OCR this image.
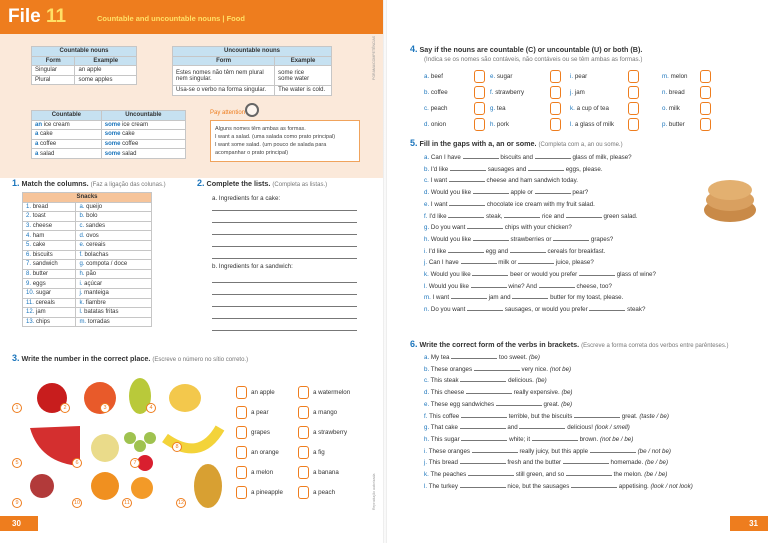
File 11	Countable and uncountable nouns | Food
PGRAMA/COMPETÊNCIAS
Reprodução autorizada
Countable nouns	
Form	Example
Singular	an apple
Plural	some apples
Uncountable nouns	
Form	Example
Estes nomes não têm nem plural
nem singular.	some rice
some water
Usa-se o verbo na forma singular.	The water is cold.
Countable	Uncountable
an ice cream	some ice cream
a cake	some cake
a coffee	some coffee
a salad	some salad
Pay attention
Alguns nomes têm ambas as formas.
I want a salad. (uma salada como prato principal)
I want some salad. (um pouco de salada para
acompanhar o prato principal)
1. Match the columns. (Faz a ligação das colunas.)
Snacks	
1. bread	a. queijo
2. toast	b. bolo
3. cheese	c. sandes
4. ham	d. ovos
5. cake	e. cereais
6. biscuits	f. bolachas
7. sandwich	g. compota / doce
8. butter	h. pão
9. eggs	i. açúcar
10. sugar	j. manteiga
11. cereals	k. fiambre
12. jam	l. batatas fritas
13. chips	m. torradas
2. Complete the lists. (Completa as listas.)
a. Ingredients for a cake:
b. Ingredients for a sandwich:
3. Write the number in the correct place. (Escreve o número no sítio correto.)
1	2	3	4
5	6	7
8
9	10	11	12
an apple
a pear
grapes
an orange
a melon
a pineapple
a watermelon
a mango
a strawberry
a fig
a banana
a peach
30	31
4. Say if the nouns are countable (C) or uncountable (U) or both (B).
(Indica se os nomes são contáveis, não contáveis ou se têm ambas as formas.)
a. beef	e. sugar	i. pear	m. melon
b. coffee	f. strawberry	j. jam	n. bread
c. peach	g. tea	k. a cup of tea	o. milk
d. onion	h. pork	l. a glass of milk	p. butter
5. Fill in the gaps with a, an or some. (Completa com a, an ou some.)
a. Can I have	biscuits and	glass of milk, please?
b. I'd like	sausages and	eggs, please.
c. I want	cheese and ham sandwich today.
d. Would you like	apple or	pear?
e. I want	chocolate ice cream with my fruit salad.
f. I'd like	steak,	rice and	green salad.
g. Do you want	chips with your chicken?
h. Would you like	strawberries or	grapes?
i. I'd like	egg and	cereals for breakfast.
j. Can I have	milk or	juice, please?
k. Would you like	beer or would you prefer	glass of wine?
l. Would you like	wine? And	cheese, too?
m. I want	jam and	butter for my toast, please.
n. Do you want	sausages, or would you prefer	steak?
6. Write the correct form of the verbs in brackets. (Escreve a forma correta dos verbos entre parênteses.)
a. My tea	too sweet. (be)
b. These oranges	very nice. (not be)
c. This steak	delicious. (be)
d. This cheese	really expensive. (be)
e. These egg sandwiches	great. (be)
f. This coffee	terrible, but the biscuits	great. (taste / be)
g. That cake	and	delicious! (look / smell)
h. This sugar	white; it	brown. (not be / be)
i. These oranges	really juicy, but this apple	(be / not be)
j. This bread	fresh and the butter	homemade. (be / be)
k. The peaches	still green, and so	the melon. (be / be)
l. The turkey	nice, but the sausages	appetising. (look / not look)
